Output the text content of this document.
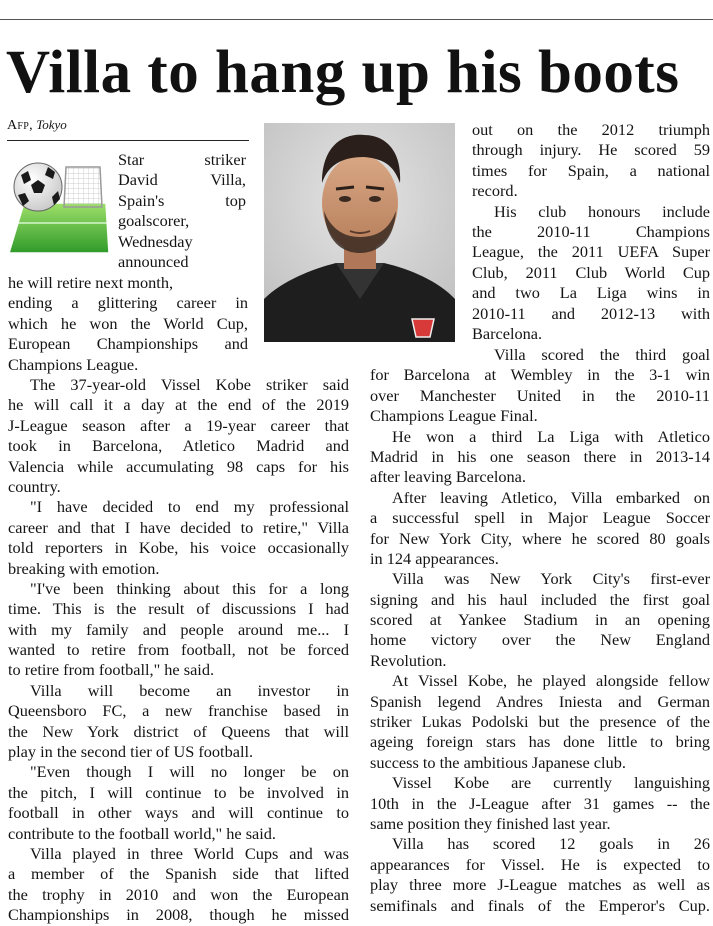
Villa to hang up his boots
Afp, Tokyo
Star striker
David Villa,
Spain's top
goalscorer,
Wednesday
announced
he will retire next month,
ending a glittering career in
which he won the World Cup,
European Championships and
Champions League.
The 37-year-old Vissel Kobe striker said
he will call it a day at the end of the 2019
J-League season after a 19-year career that
took in Barcelona, Atletico Madrid and
Valencia while accumulating 98 caps for his
country.
"I have decided to end my professional
career and that I have decided to retire," Villa
told reporters in Kobe, his voice occasionally
breaking with emotion.
"I've been thinking about this for a long
time. This is the result of discussions I had
with my family and people around me... I
wanted to retire from football, not be forced
to retire from football," he said.
Villa will become an investor in
Queensboro FC, a new franchise based in
the New York district of Queens that will
play in the second tier of US football.
"Even though I will no longer be on
the pitch, I will continue to be involved in
football in other ways and will continue to
contribute to the football world," he said.
Villa played in three World Cups and was
a member of the Spanish side that lifted
the trophy in 2010 and won the European
Championships in 2008, though he missed
out on the 2012 triumph
through injury. He scored 59
times for Spain, a national
record.
His club honours include
the 2010-11 Champions
League, the 2011 UEFA Super
Club, 2011 Club World Cup
and two La Liga wins in
2010-11 and 2012-13 with
Barcelona.
Villa scored the third goal
for Barcelona at Wembley in the 3-1 win
over Manchester United in the 2010-11
Champions League Final.
He won a third La Liga with Atletico
Madrid in his one season there in 2013-14
after leaving Barcelona.
After leaving Atletico, Villa embarked on
a successful spell in Major League Soccer
for New York City, where he scored 80 goals
in 124 appearances.
Villa was New York City's first-ever
signing and his haul included the first goal
scored at Yankee Stadium in an opening
home victory over the New England
Revolution.
At Vissel Kobe, he played alongside fellow
Spanish legend Andres Iniesta and German
striker Lukas Podolski but the presence of the
ageing foreign stars has done little to bring
success to the ambitious Japanese club.
Vissel Kobe are currently languishing
10th in the J-League after 31 games -- the
same position they finished last year.
Villa has scored 12 goals in 26
appearances for Vissel. He is expected to
play three more J-League matches as well as
semifinals and finals of the Emperor's Cup.
